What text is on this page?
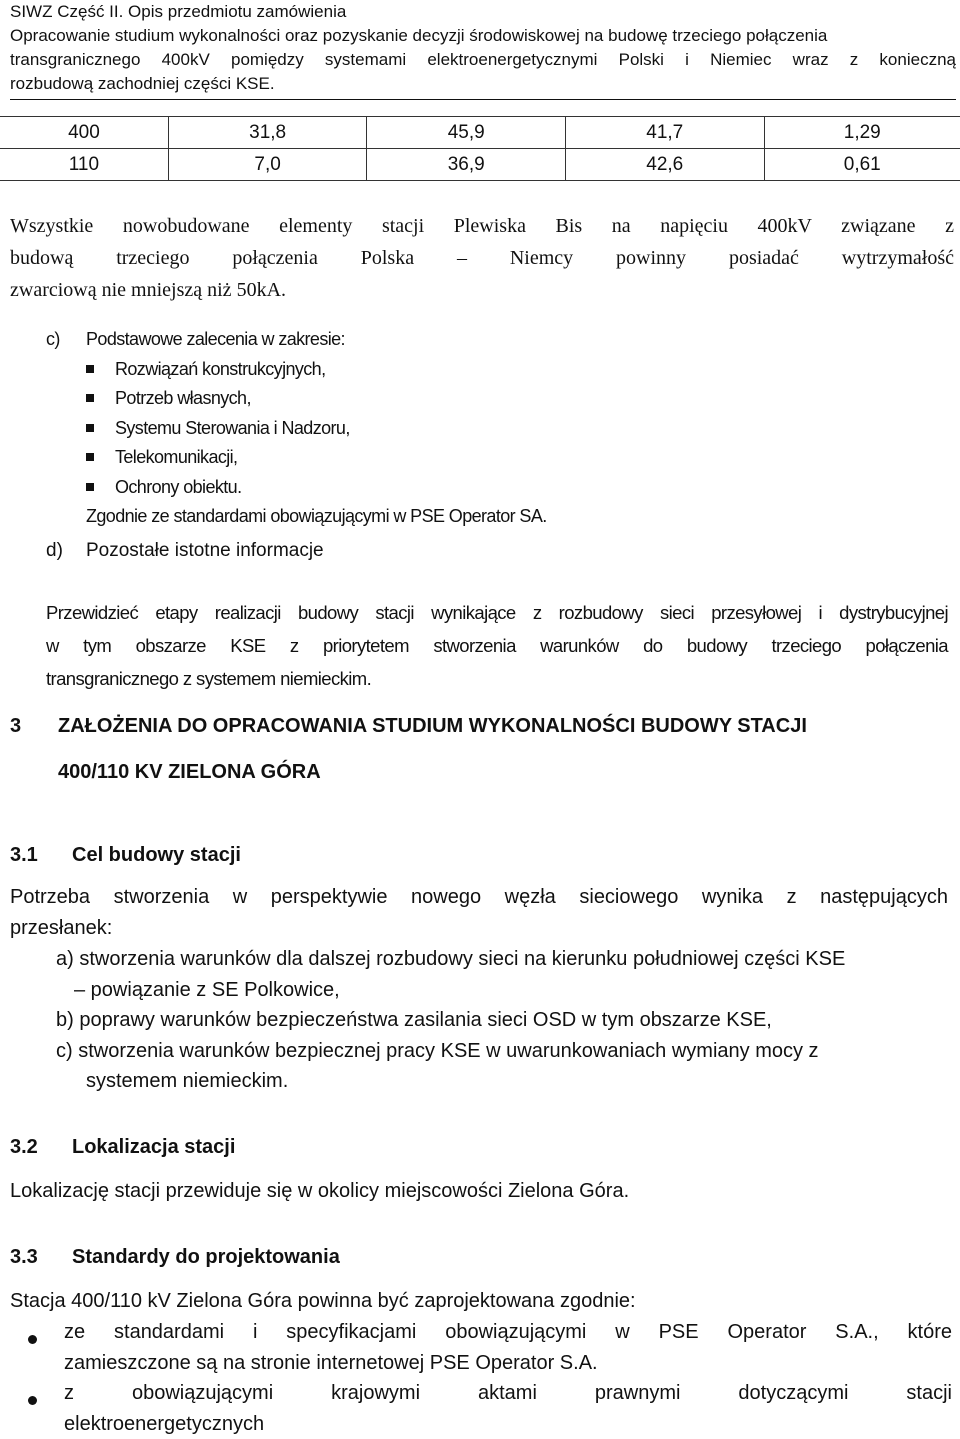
SIWZ Część II. Opis przedmiotu zamówienia
Opracowanie studium wykonalności oraz pozyskanie decyzji środowiskowej na budowę trzeciego połączenia
transgranicznego 400kV pomiędzy systemami elektroenergetycznymi Polski i Niemiec wraz z konieczną
rozbudową zachodniej części KSE.
400	31,8	45,9	41,7	1,29
110	7,0	36,9	42,6	0,61
Wszystkie nowobudowane elementy stacji Plewiska Bis na napięciu 400kV związane z
budową trzeciego połączenia Polska – Niemcy powinny posiadać wytrzymałość
zwarciową nie mniejszą niż 50kA.
c) Podstawowe zalecenia w zakresie:
Rozwiązań konstrukcyjnych,
Potrzeb własnych,
Systemu Sterowania i Nadzoru,
Telekomunikacji,
Ochrony obiektu.
Zgodnie ze standardami obowiązującymi w PSE Operator SA.
d) Pozostałe istotne informacje
Przewidzieć etapy realizacji budowy stacji wynikające z rozbudowy sieci przesyłowej i dystrybucyjnej
w tym obszarze KSE z priorytetem stworzenia warunków do budowy trzeciego połączenia
transgranicznego z systemem niemieckim.
3 ZAŁOŻENIA DO OPRACOWANIA STUDIUM WYKONALNOŚCI BUDOWY STACJI
400/110 KV ZIELONA GÓRA
3.1 Cel budowy stacji
Potrzeba stworzenia w perspektywie nowego węzła sieciowego wynika z następujących
przesłanek:
a) stworzenia warunków dla dalszej rozbudowy sieci na kierunku południowej części KSE
– powiązanie z SE Polkowice,
b) poprawy warunków bezpieczeństwa zasilania sieci OSD w tym obszarze KSE,
c) stworzenia warunków bezpiecznej pracy KSE w uwarunkowaniach wymiany mocy z
systemem niemieckim.
3.2 Lokalizacja stacji
Lokalizację stacji przewiduje się w okolicy miejscowości Zielona Góra.
3.3 Standardy do projektowania
Stacja 400/110 kV Zielona Góra powinna być zaprojektowana zgodnie:
ze standardami i specyfikacjami obowiązującymi w PSE Operator S.A., które
zamieszczone są na stronie internetowej PSE Operator S.A.
z obowiązującymi krajowymi aktami prawnymi dotyczącymi stacji
elektroenergetycznych
